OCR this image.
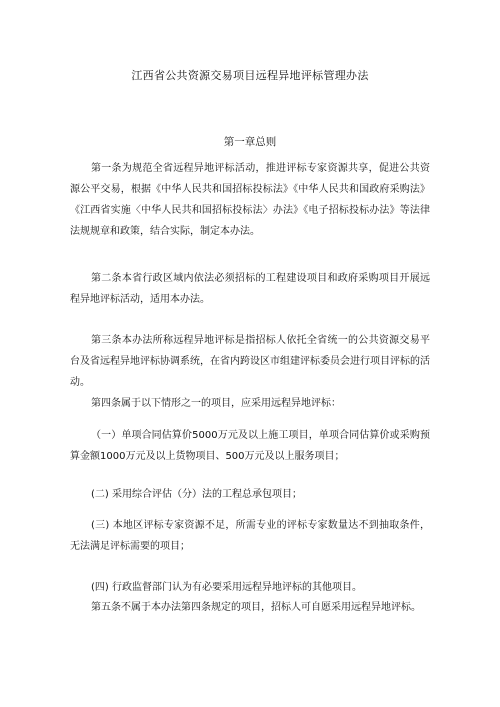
江西省公共资源交易项目远程异地评标管理办法
第一章总则

第一条为规范全省远程异地评标活动，推进评标专家资源共享，促进公共资源公平交易，根据《中华人民共和国招标投标法》《中华人民共和国政府采购法》《江西省实施〈中华人民共和国招标投标法〉办法》《电子招标投标办法》等法律法规规章和政策，结合实际，制定本办法。

第二条本省行政区域内依法必须招标的工程建设项目和政府采购项目开展远程异地评标活动，适用本办法。

第三条本办法所称远程异地评标是指招标人依托全省统一的公共资源交易平台及省远程异地评标协调系统，在省内跨设区市组建评标委员会进行项目评标的活动。

第四条属于以下情形之一的项目，应采用远程异地评标：

（一）单项合同估算价5000万元及以上施工项目，单项合同估算价或采购预算金额1000万元及以上货物项目、500万元及以上服务项目；

(二) 采用综合评估（分）法的工程总承包项目；

(三) 本地区评标专家资源不足，所需专业的评标专家数量达不到抽取条件，无法满足评标需要的项目；

(四) 行政监督部门认为有必要采用远程异地评标的其他项目。

第五条不属于本办法第四条规定的项目，招标人可自愿采用远程异地评标。
